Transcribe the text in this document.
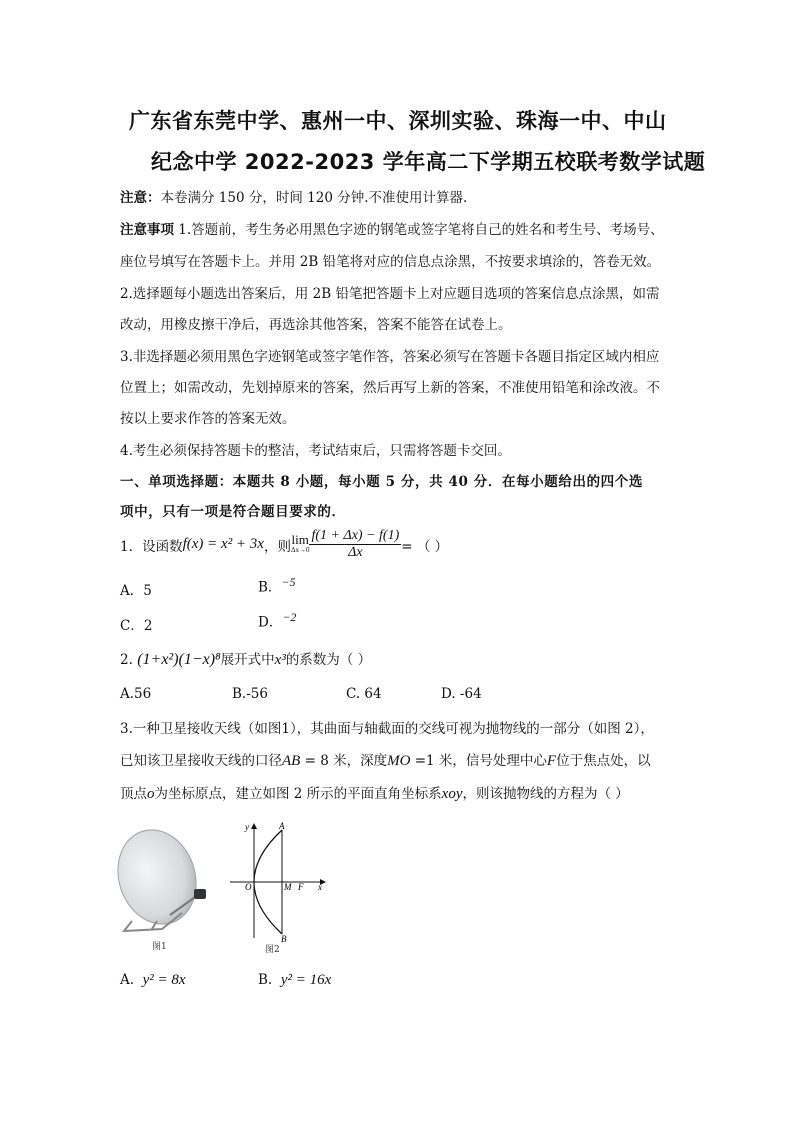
广东省东莞中学、惠州一中、深圳实验、珠海一中、中山
纪念中学 2022-2023 学年高二下学期五校联考数学试题
注意：本卷满分 150 分，时间 120 分钟.不准使用计算器.
注意事项 1.答题前，考生务必用黑色字迹的钢笔或签字笔将自己的姓名和考生号、考场号、
座位号填写在答题卡上。并用 2B 铅笔将对应的信息点涂黑，不按要求填涂的，答卷无效。
2.选择题每小题选出答案后，用 2B 铅笔把答题卡上对应题目选项的答案信息点涂黑，如需
改动，用橡皮擦干净后，再选涂其他答案，答案不能答在试卷上。
3.非选择题必须用黑色字迹钢笔或签字笔作答，答案必须写在答题卡各题目指定区域内相应
位置上；如需改动，先划掉原来的答案，然后再写上新的答案，不准使用铅笔和涂改液。不
按以上要求作答的答案无效。
4.考生必须保持答题卡的整洁，考试结束后，只需将答题卡交回。
一、单项选择题：本题共 8 小题，每小题 5 分，共 40 分．在每小题给出的四个选
项中，只有一项是符合题目要求的．
1．设函数 f(x) = x² + 3x ，则 lim
$\Delta x\to 0 \frac{f(1 + \Delta x) - f(1)}{\Delta x}$ = （ ）
A．5	B．$^{-5}$
C．2	D．$^{-2}$
2. (1+x²)(1−x)⁸展开式中x³的系数为（ ）
A.56	B.-56	C. 64	D. -64
3.一种卫星接收天线（如图1），其曲面与轴截面的交线可视为抛物线的一部分（如图 2），
已知该卫星接收天线的口径AB = 8 米，深度MO =1 米，信号处理中心F位于焦点处，以
顶点o为坐标原点，建立如图 2 所示的平面直角坐标系xoy，则该抛物线的方程为（ ）
图1
y	A
O	M F x
B
图2
A. y² = 8x	B. y² = 16x
